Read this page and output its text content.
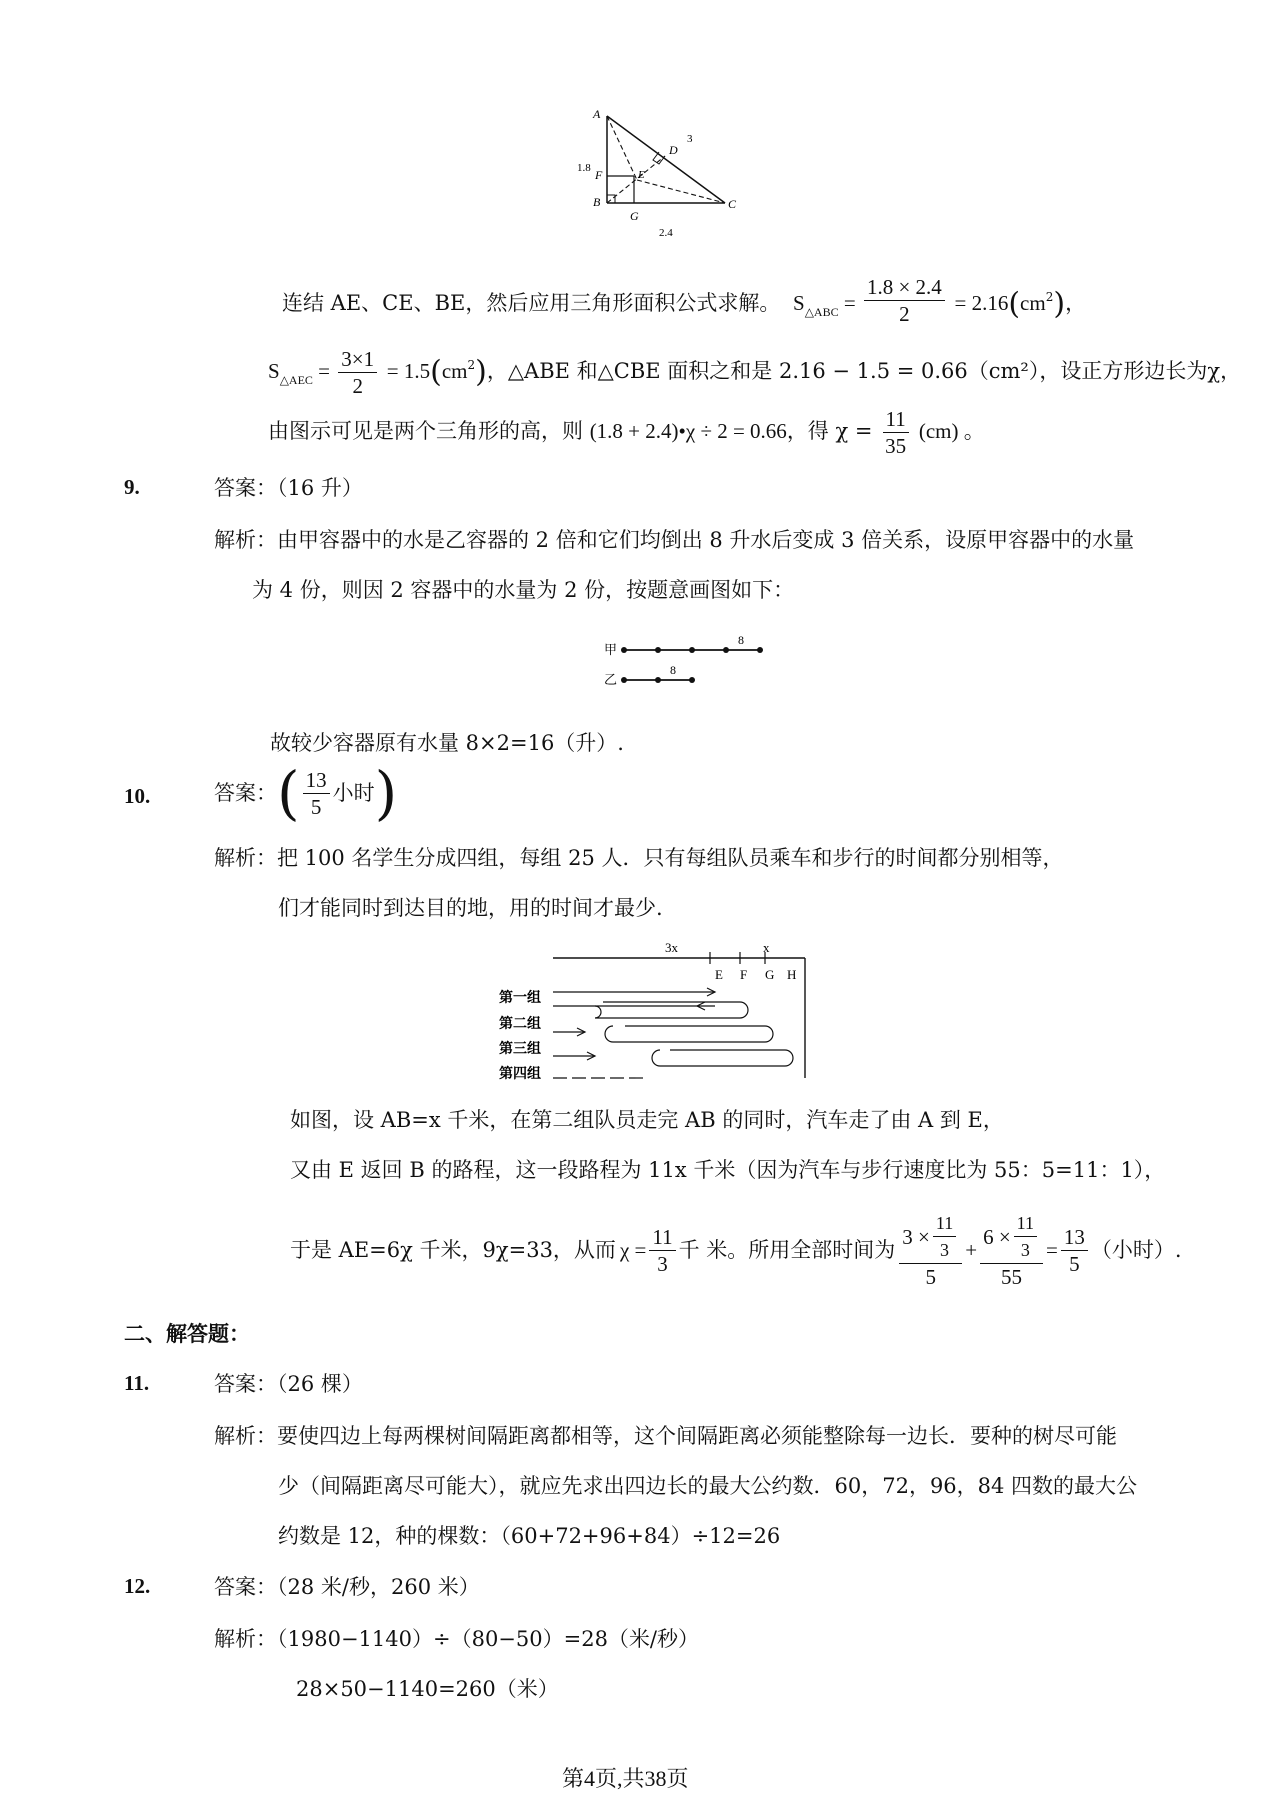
A
B	C
D
E
F
G
3
1.8
2.4
连结 AE、CE、BE，然后应用三角形面积公式求解。 $S_{\triangle ABC} = \frac{1.8 \times 2.4}{2} = 2.16(cm^2)$，
$S_{\triangle AEC} = \frac{3\times 1}{2} = 1.5(cm^2)$，△ABE 和△CBE 面积之和是 2.16 − 1.5 = 0.66（cm²），设正方形边长为χ，
由图示可见是两个三角形的高，则 (1.8 + 2.4)•χ ÷ 2 = 0.66，得 $\chi = \frac{11}{35} (cm)$ 。
9.	答案：（16 升）
解析：由甲容器中的水是乙容器的 2 倍和它们均倒出 8 升水后变成 3 倍关系，设原甲容器中的水量
为 4 份，则因 2 容器中的水量为 2 份，按题意画图如下：
甲
8
乙
8
故较少容器原有水量 8×2=16（升）.
10.	答案： ( $\frac{13}{5}$ 小时 )
解析：把 100 名学生分成四组，每组 25 人．只有每组队员乘车和步行的时间都分别相等，
们才能同时到达目的地，用的时间才最少.
3x	x
E F G H
第一组
第二组
第三组
第四组
如图，设 AB=x 千米，在第二组队员走完 AB 的同时，汽车走了由 A 到 E，
又由 E 返回 B 的路程，这一段路程为 11x 千米（因为汽车与步行速度比为 55：5=11：1），
于是 AE=6χ 千米，9χ=33，从而 $\chi = \frac{11}{3}$ 千 米。所用全部时间为 $\frac{3 \times \frac{11}{3}}{5} + \frac{6 \times \frac{11}{3}}{55} = \frac{13}{5}$ （小时）.
二、解答题：
11.	答案：（26 棵）
解析：要使四边上每两棵树间隔距离都相等，这个间隔距离必须能整除每一边长．要种的树尽可能
少（间隔距离尽可能大），就应先求出四边长的最大公约数．60，72，96，84 四数的最大公
约数是 12，种的棵数：（60+72+96+84）÷12=26
12.	答案：（28 米/秒，260 米）
解析：（1980−1140）÷（80−50）=28（米/秒）
28×50−1140=260（米）
第4页,共38页
